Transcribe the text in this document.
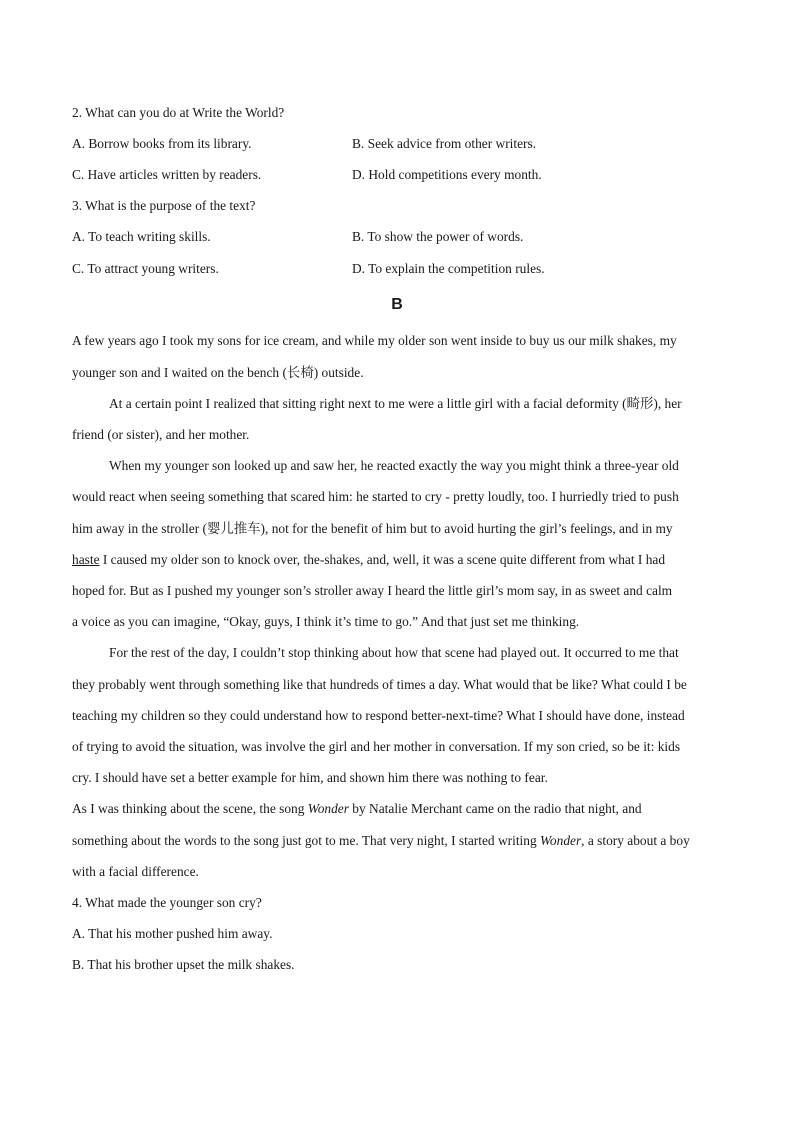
2. What can you do at Write the World?
A. Borrow books from its library.	B. Seek advice from other writers.
C. Have articles written by readers.	D. Hold competitions every month.
3. What is the purpose of the text?
A. To teach writing skills.	B. To show the power of words.
C. To attract young writers.	D. To explain the competition rules.
B
A few years ago I took my sons for ice cream, and while my older son went inside to buy us our milk shakes, my
younger son and I waited on the bench (长椅) outside.
At a certain point I realized that sitting right next to me were a little girl with a facial deformity (畸形), her
friend (or sister), and her mother.
When my younger son looked up and saw her, he reacted exactly the way you might think a three-year old
would react when seeing something that scared him: he started to cry - pretty loudly, too. I hurriedly tried to push
him away in the stroller (婴儿推车), not for the benefit of him but to avoid hurting the girl’s feelings, and in my
haste I caused my older son to knock over, the-shakes, and, well, it was a scene quite different from what I had
hoped for. But as I pushed my younger son’s stroller away I heard the little girl’s mom say, in as sweet and calm
a voice as you can imagine, “Okay, guys, I think it’s time to go.” And that just set me thinking.
For the rest of the day, I couldn’t stop thinking about how that scene had played out. It occurred to me that
they probably went through something like that hundreds of times a day. What would that be like? What could I be
teaching my children so they could understand how to respond better-next-time? What I should have done, instead
of trying to avoid the situation, was involve the girl and her mother in conversation. If my son cried, so be it: kids
cry. I should have set a better example for him, and shown him there was nothing to fear.
As I was thinking about the scene, the song Wonder by Natalie Merchant came on the radio that night, and
something about the words to the song just got to me. That very night, I started writing Wonder, a story about a boy
with a facial difference.
4. What made the younger son cry?
A. That his mother pushed him away.
B. That his brother upset the milk shakes.
